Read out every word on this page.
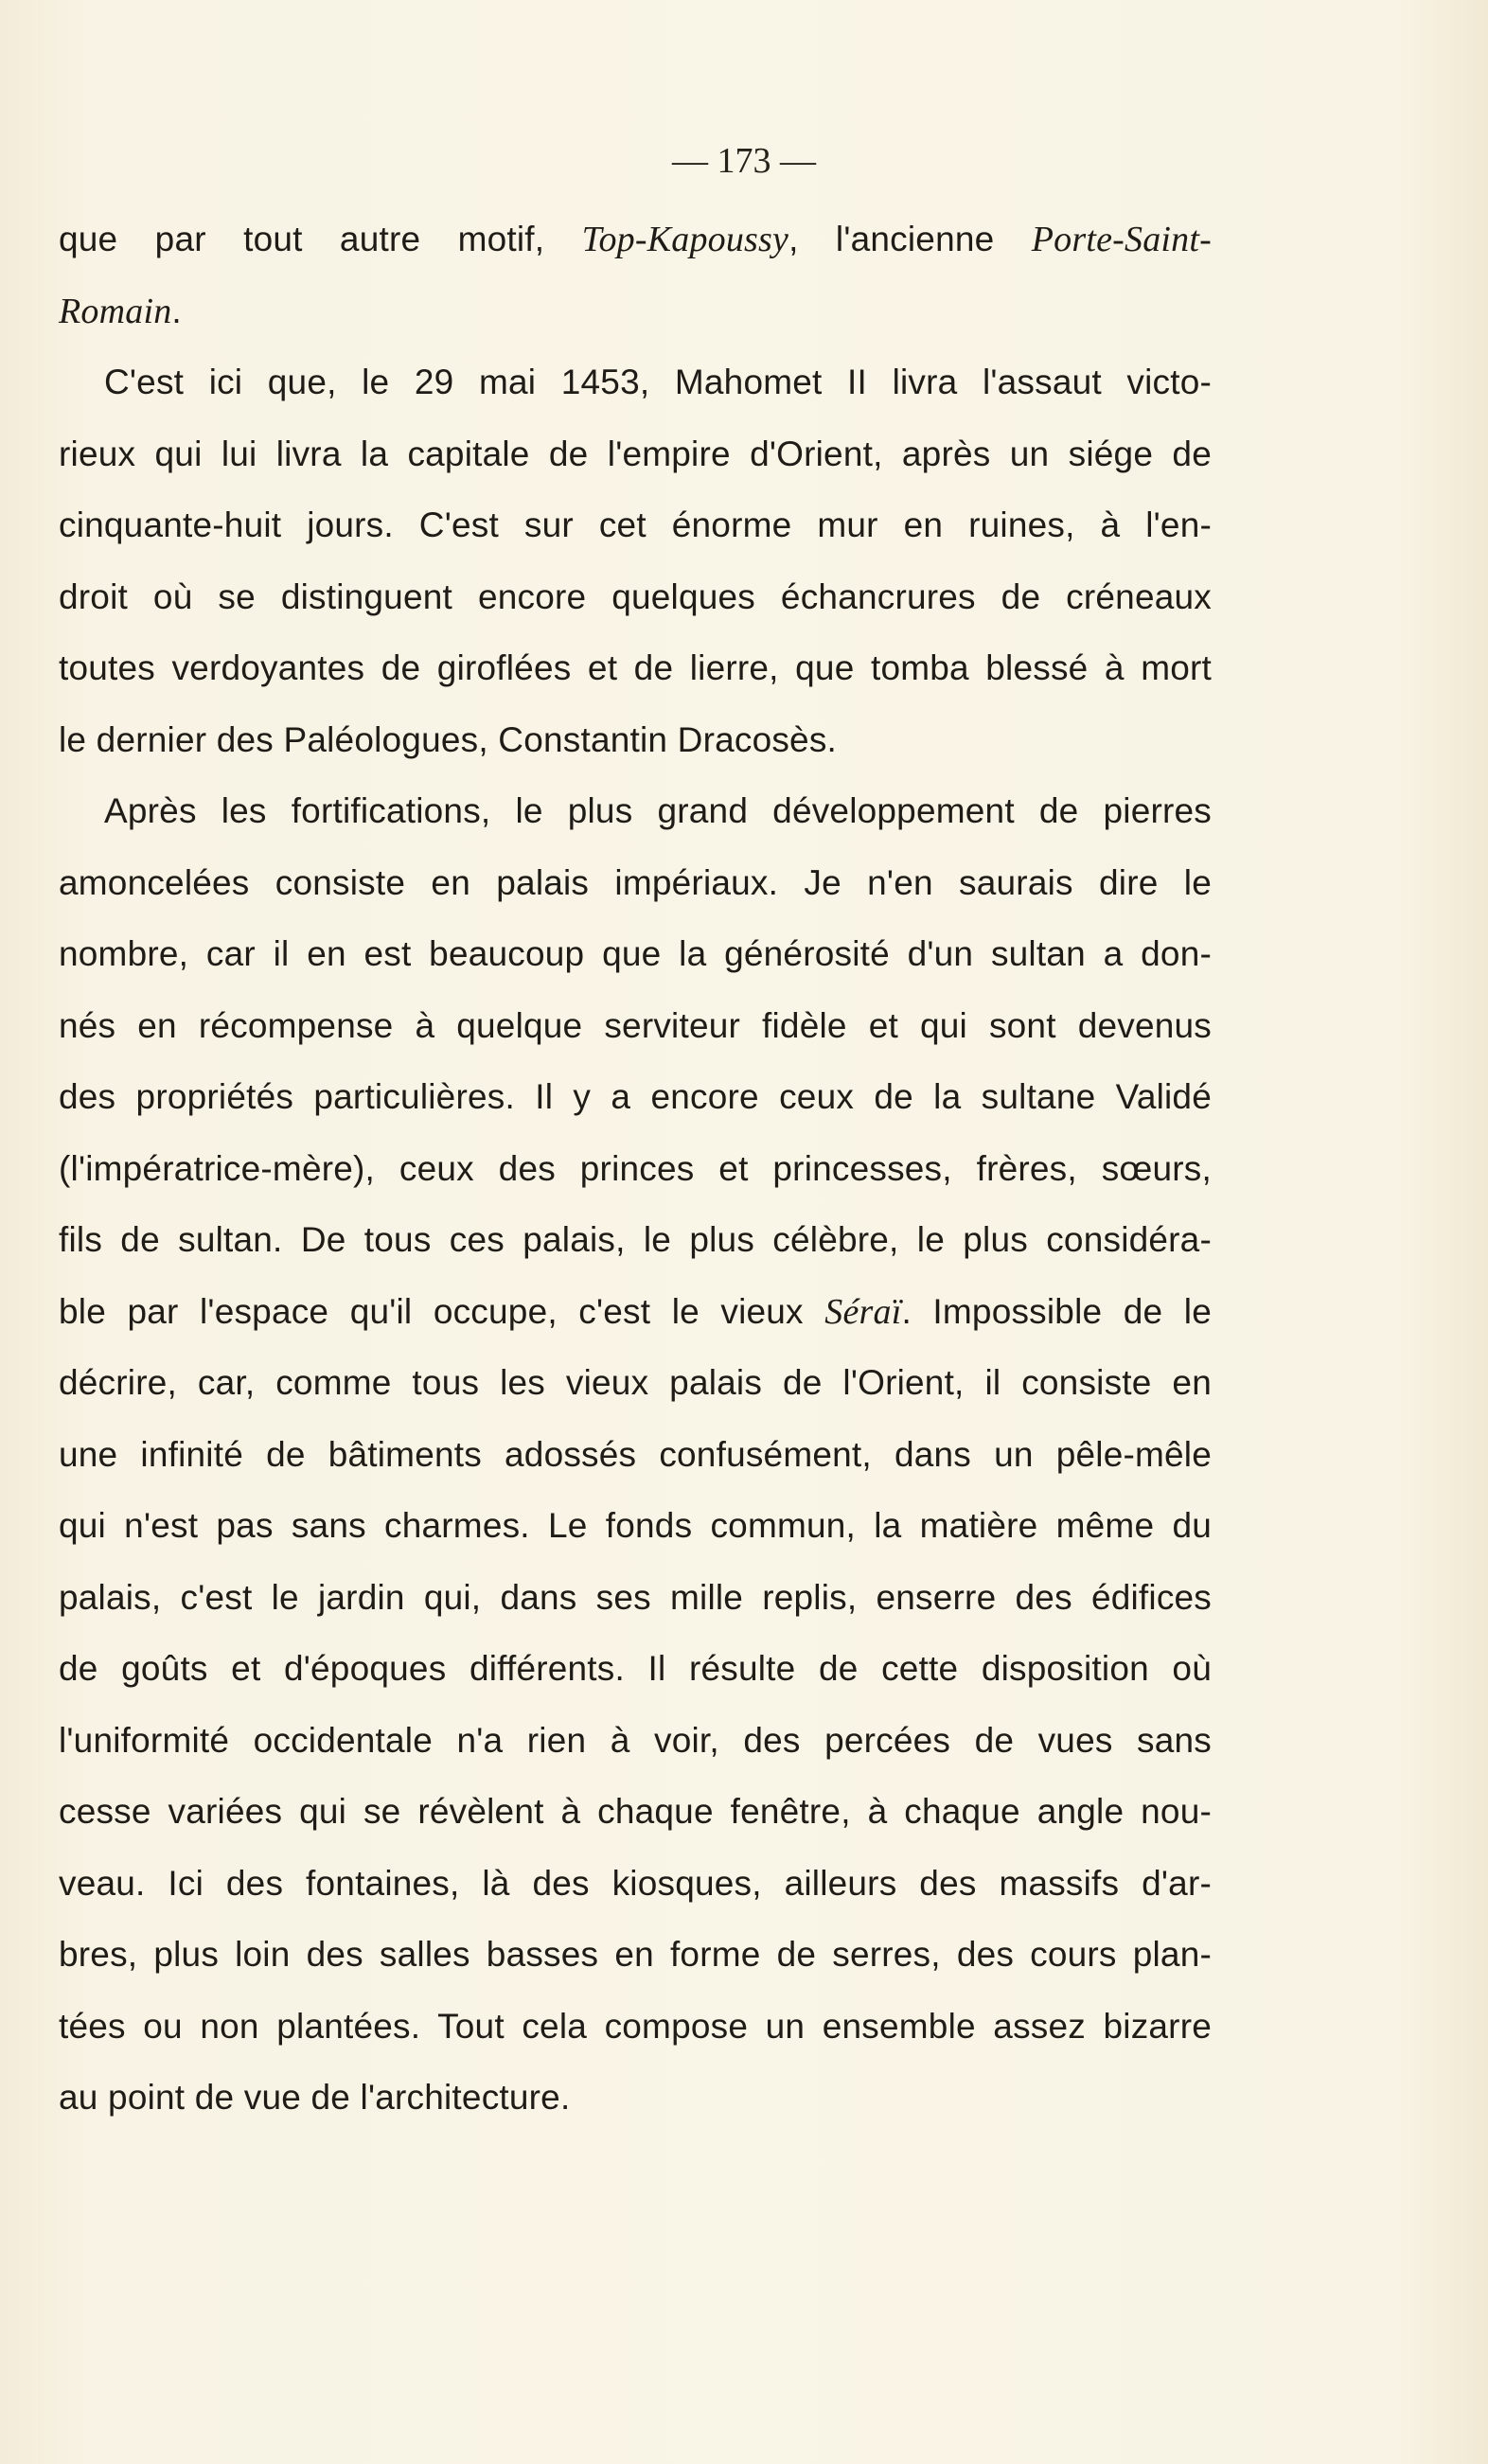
— 173 —
que par tout autre motif, Top-Kapoussy, l'ancienne Porte-Saint-
Romain.
C'est ici que, le 29 mai 1453, Mahomet II livra l'assaut victo-
rieux qui lui livra la capitale de l'empire d'Orient, après un siége de
cinquante-huit jours. C'est sur cet énorme mur en ruines, à l'en-
droit où se distinguent encore quelques échancrures de créneaux
toutes verdoyantes de giroflées et de lierre, que tomba blessé à mort
le dernier des Paléologues, Constantin Dracosès.
Après les fortifications, le plus grand développement de pierres
amoncelées consiste en palais impériaux. Je n'en saurais dire le
nombre, car il en est beaucoup que la générosité d'un sultan a don-
nés en récompense à quelque serviteur fidèle et qui sont devenus
des propriétés particulières. Il y a encore ceux de la sultane Validé
(l'impératrice-mère), ceux des princes et princesses, frères, sœurs,
fils de sultan. De tous ces palais, le plus célèbre, le plus considéra-
ble par l'espace qu'il occupe, c'est le vieux Séraï. Impossible de le
décrire, car, comme tous les vieux palais de l'Orient, il consiste en
une infinité de bâtiments adossés confusément, dans un pêle-mêle
qui n'est pas sans charmes. Le fonds commun, la matière même du
palais, c'est le jardin qui, dans ses mille replis, enserre des édifices
de goûts et d'époques différents. Il résulte de cette disposition où
l'uniformité occidentale n'a rien à voir, des percées de vues sans
cesse variées qui se révèlent à chaque fenêtre, à chaque angle nou-
veau. Ici des fontaines, là des kiosques, ailleurs des massifs d'ar-
bres, plus loin des salles basses en forme de serres, des cours plan-
tées ou non plantées. Tout cela compose un ensemble assez bizarre
au point de vue de l'architecture.
